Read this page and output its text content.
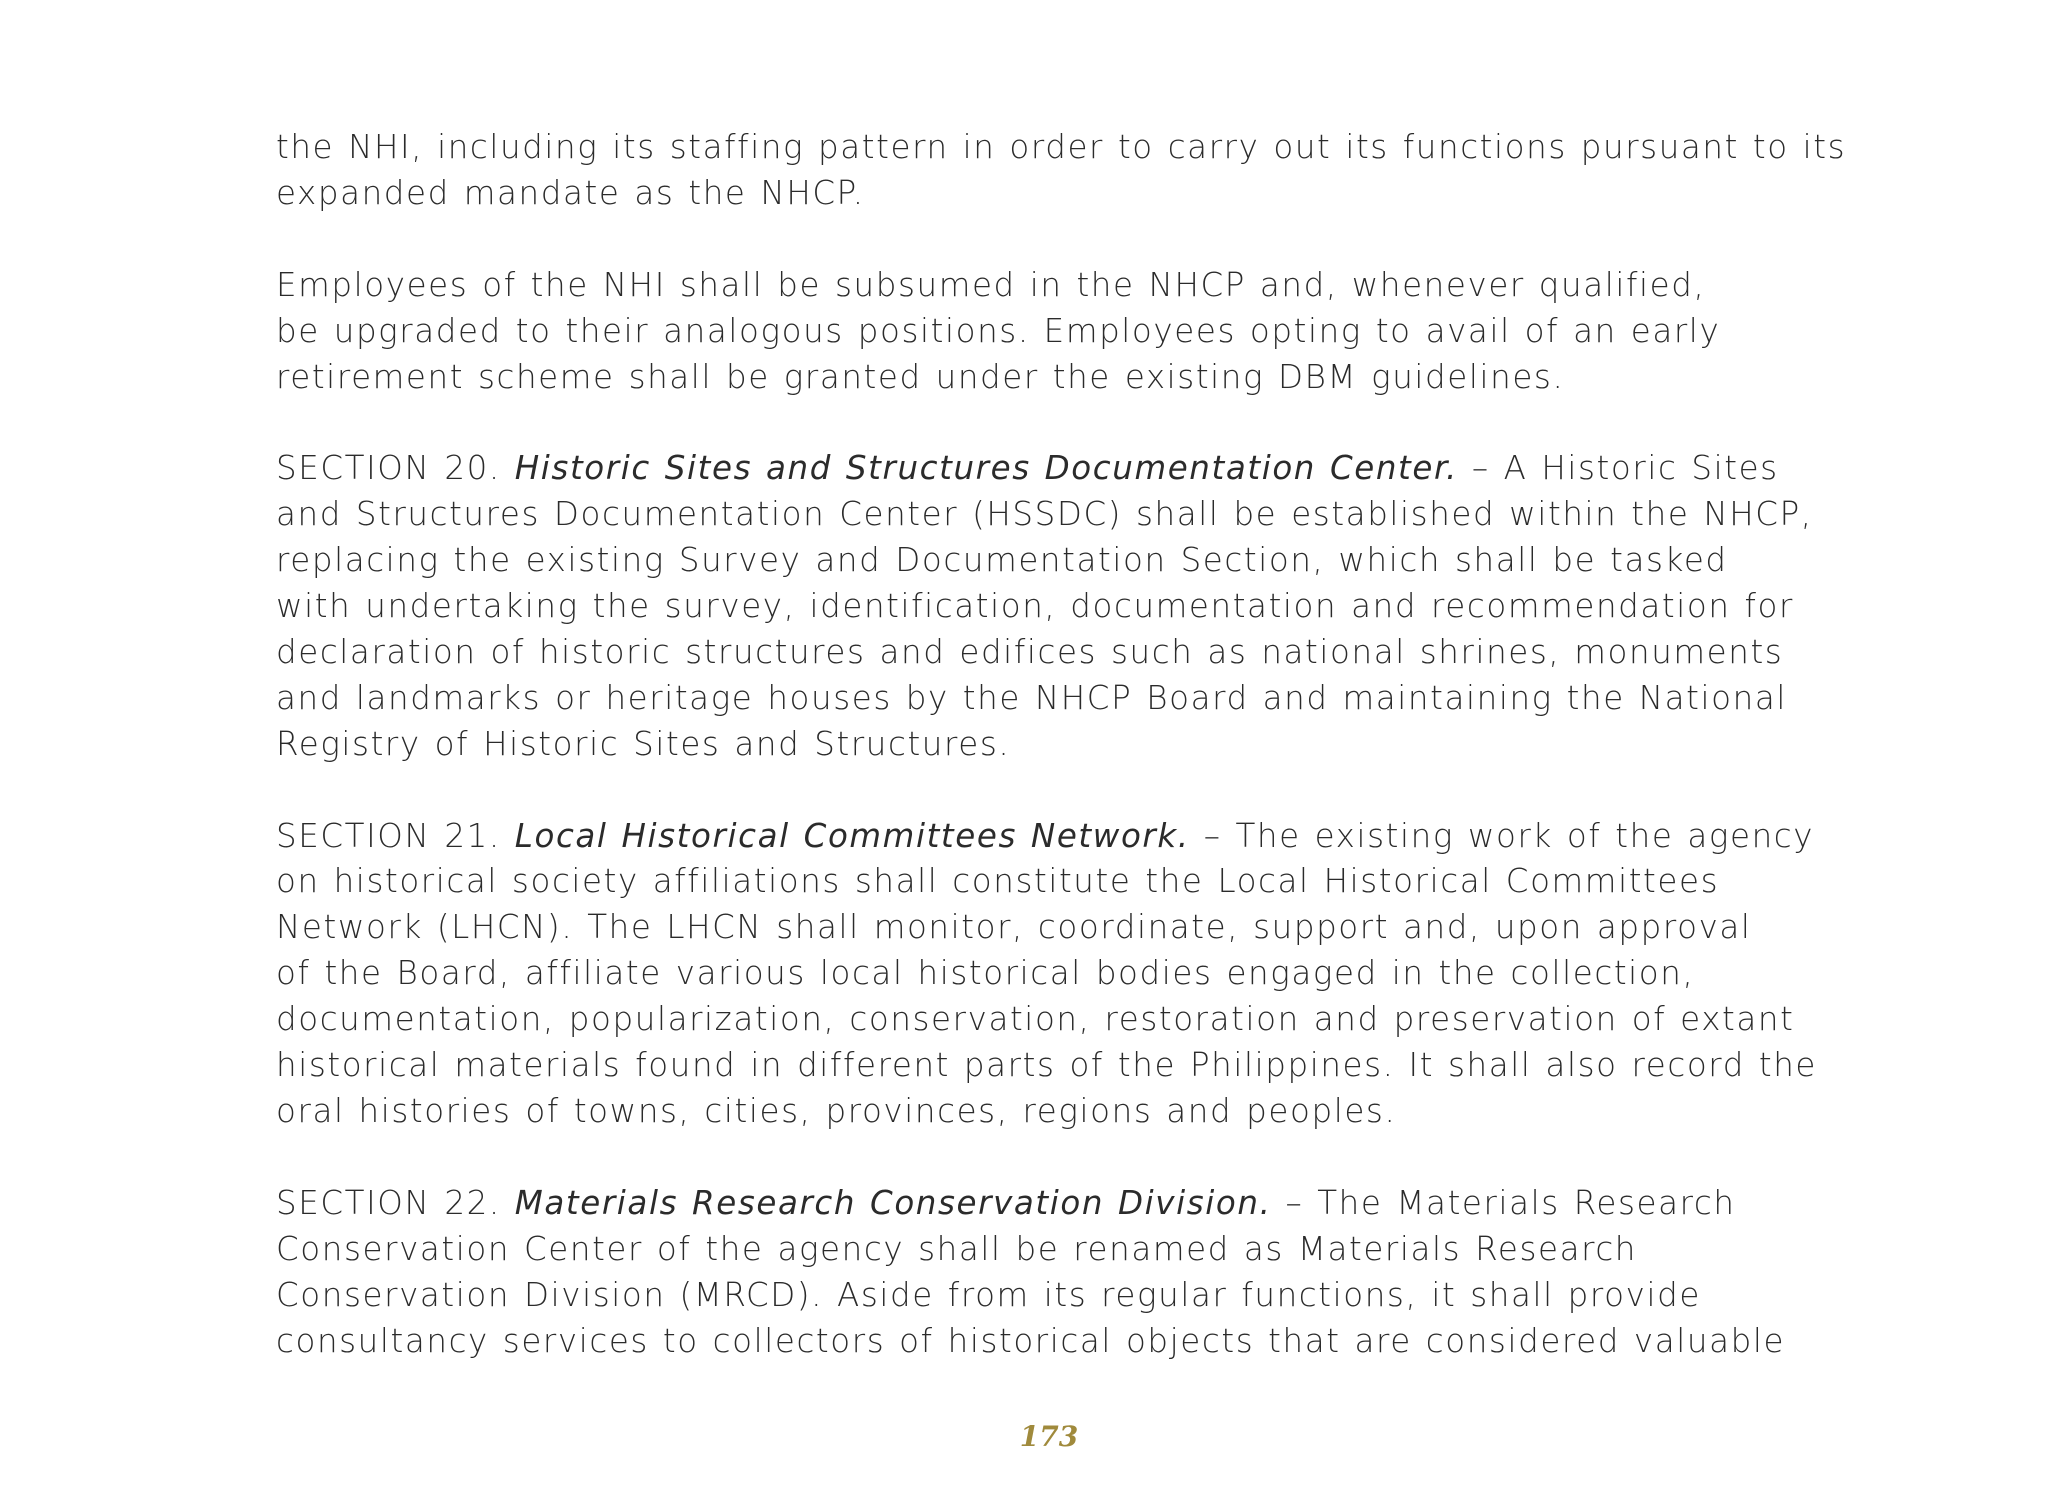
the NHI, including its staffing pattern in order to carry out its functions pursuant to its
expanded mandate as the NHCP.

Employees of the NHI shall be subsumed in the NHCP and, whenever qualified,
be upgraded to their analogous positions. Employees opting to avail of an early
retirement scheme shall be granted under the existing DBM guidelines.

SECTION 20. Historic Sites and Structures Documentation Center. – A Historic Sites
and Structures Documentation Center (HSSDC) shall be established within the NHCP,
replacing the existing Survey and Documentation Section, which shall be tasked
with undertaking the survey, identification, documentation and recommendation for
declaration of historic structures and edifices such as national shrines, monuments
and landmarks or heritage houses by the NHCP Board and maintaining the National
Registry of Historic Sites and Structures.

SECTION 21. Local Historical Committees Network. – The existing work of the agency
on historical society affiliations shall constitute the Local Historical Committees
Network (LHCN). The LHCN shall monitor, coordinate, support and, upon approval
of the Board, affiliate various local historical bodies engaged in the collection,
documentation, popularization, conservation, restoration and preservation of extant
historical materials found in different parts of the Philippines. It shall also record the
oral histories of towns, cities, provinces, regions and peoples.

SECTION 22. Materials Research Conservation Division. – The Materials Research
Conservation Center of the agency shall be renamed as Materials Research
Conservation Division (MRCD). Aside from its regular functions, it shall provide
consultancy services to collectors of historical objects that are considered valuable

173
